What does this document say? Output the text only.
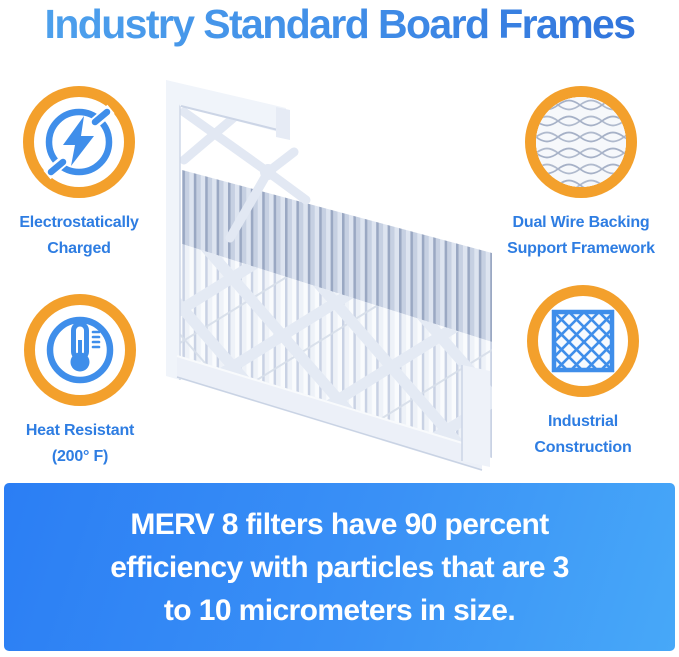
Industry Standard Board Frames
Electrostatically
Charged
Dual Wire Backing
Support Framework
Heat Resistant
(200° F)
Industrial
Construction

MERV 8 filters have 90 percent

efficiency with particles that are 3

to 10 micrometers in size.
